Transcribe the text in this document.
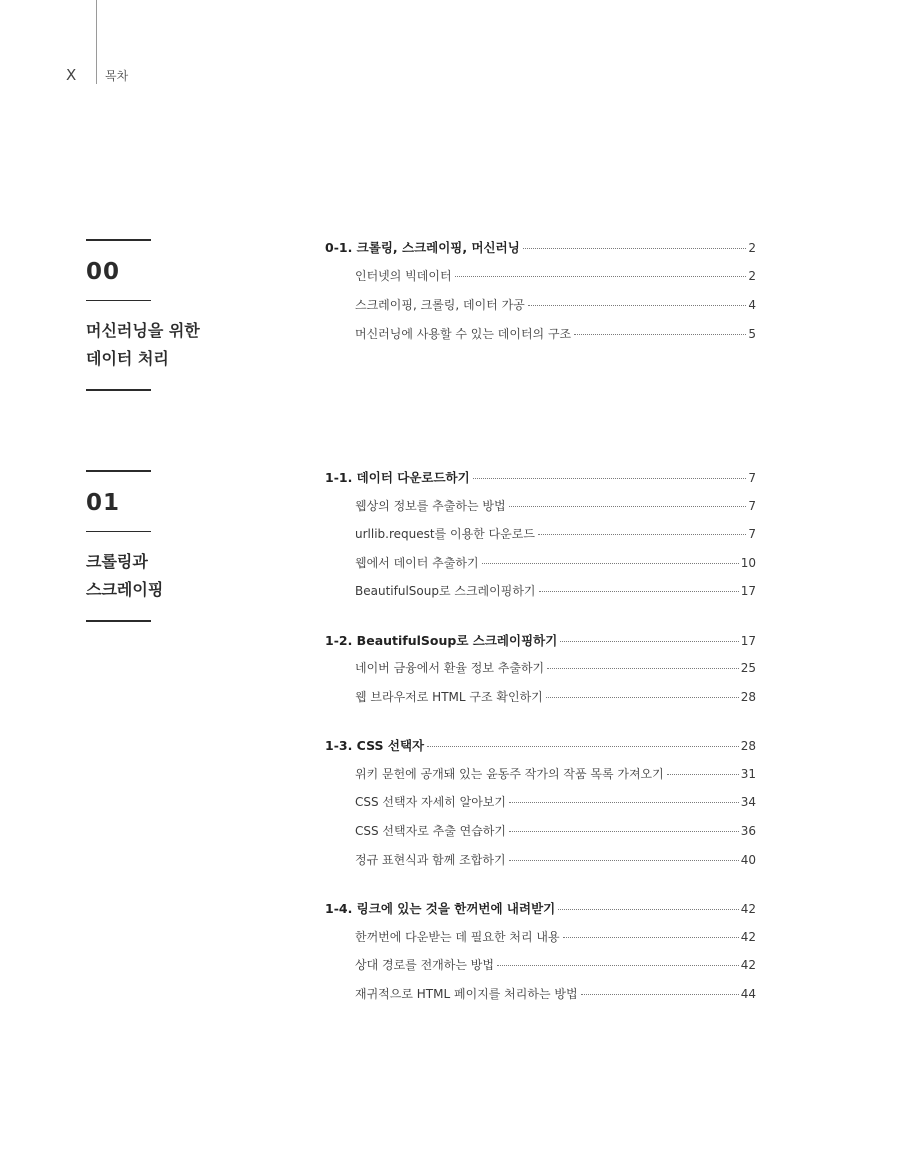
X 목차
00
머신러닝을 위한
데이터 처리
01
크롤링과
스크레이핑
0-1. 크롤링, 스크레이핑, 머신러닝	2
인터넷의 빅데이터	2
스크레이핑, 크롤링, 데이터 가공	4
머신러닝에 사용할 수 있는 데이터의 구조	5
1-1. 데이터 다운로드하기	7
웹상의 정보를 추출하는 방법	7
urllib.request를 이용한 다운로드	7
웹에서 데이터 추출하기	10
BeautifulSoup로 스크레이핑하기	17
1-2. BeautifulSoup로 스크레이핑하기	17
네이버 금융에서 환율 정보 추출하기	25
웹 브라우저로 HTML 구조 확인하기	28
1-3. CSS 선택자	28
위키 문헌에 공개돼 있는 윤동주 작가의 작품 목록 가져오기	31
CSS 선택자 자세히 알아보기	34
CSS 선택자로 추출 연습하기	36
정규 표현식과 함께 조합하기	40
1-4. 링크에 있는 것을 한꺼번에 내려받기	42
한꺼번에 다운받는 데 필요한 처리 내용	42
상대 경로를 전개하는 방법	42
재귀적으로 HTML 페이지를 처리하는 방법	44
